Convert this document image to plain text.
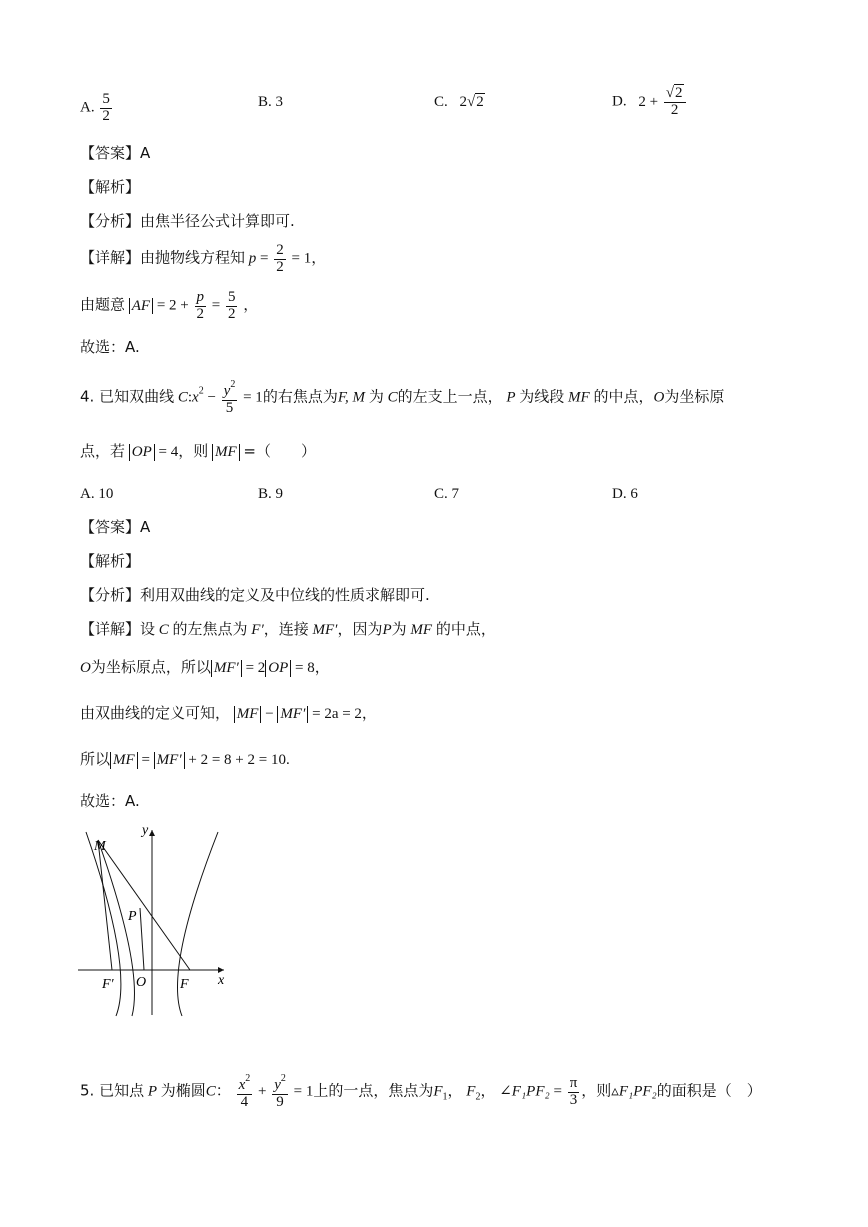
A. $\frac{5}{2}$	B. 3	C. 2√2	D. $2 + \frac{√2}{2}$
【答案】A
【解析】
【分析】由焦半径公式计算即可.
【详解】由抛物线方程知 $p = \frac{2}{2} = 1$，
由题意 AF = $2 + \frac{p}{2} = \frac{5}{2}$ ，
故选：A.
4. 已知双曲线 $C:x^2 - \frac{y^2}{5} = 1$的右焦点为F, M 为 C的左支上一点， P 为线段 MF 的中点，O为坐标原
点，若 OP = 4，则 MF =（　　）
A. 10	B. 9	C. 7	D. 6
【答案】A
【解析】
【分析】利用双曲线的定义及中位线的性质求解即可.
【详解】设 C 的左焦点为 F′，连接 MF′，因为P为 MF 的中点，
O为坐标原点，所以 MF′ = 2 OP = 8，
由双曲线的定义可知， MF − MF′ = 2a = 2，
所以 MF = MF′ + 2 = 8 + 2 = 10.
故选：A.
y
x
M
P
O F
F′
5. 已知点 P 为椭圆C： $\frac{x^2}{4} + \frac{y^2}{9} = 1$上的一点，焦点为$F_1$， $F_2$， ∠F₁PF₂ = $\frac{\pi}{3}$ ，则▵F₁PF₂的面积是（　）
